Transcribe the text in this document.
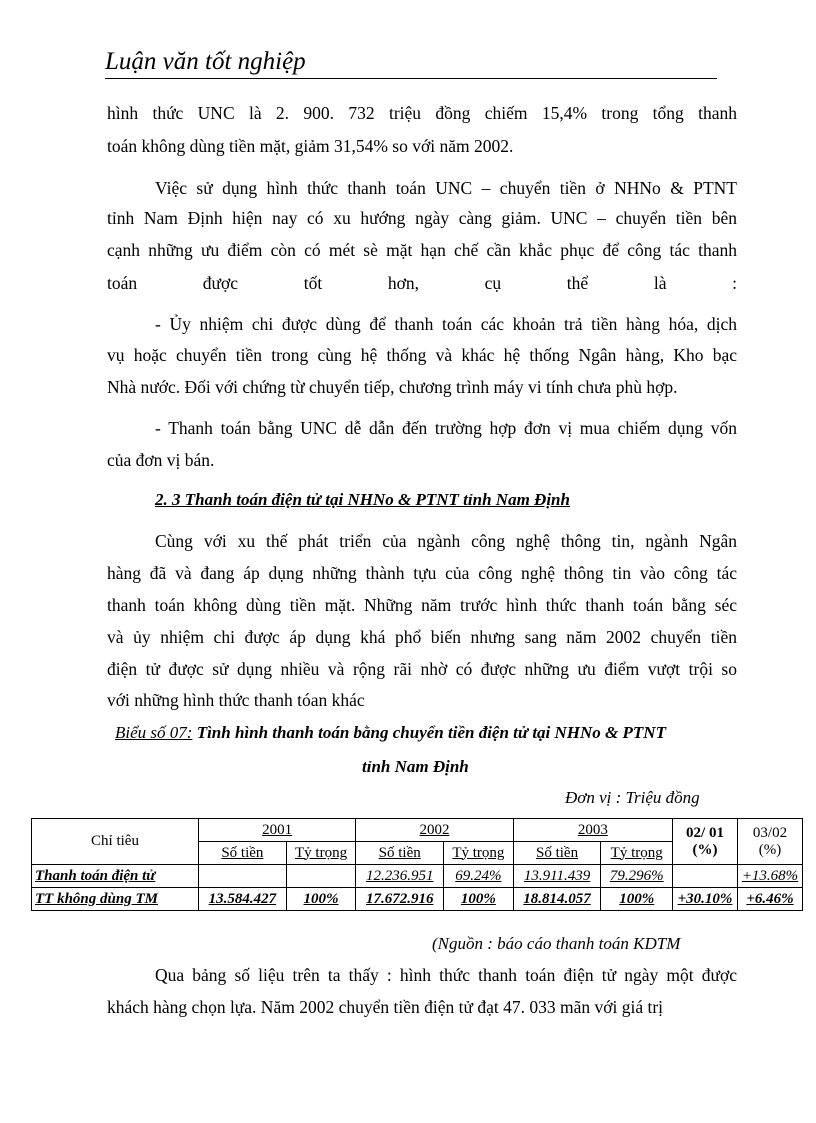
Luận văn tốt nghiệp
hình thức UNC là 2. 900. 732 triệu đồng chiếm 15,4% trong tổng thanh
toán không dùng tiền mặt, giảm 31,54% so với năm 2002.
Việc sử dụng hình thức thanh toán UNC – chuyển tiền ở NHNo & PTNT
tỉnh Nam Định hiện nay có xu hướng ngày càng giảm. UNC – chuyển tiền bên
cạnh những ưu điểm còn có mét sè mặt hạn chế cần khắc phục để công tác thanh
toán được tốt hơn, cụ thể là :
- Ủy nhiệm chi được dùng để thanh toán các khoản trả tiền hàng hóa, dịch
vụ hoặc chuyển tiền trong cùng hệ thống và khác hệ thống Ngân hàng, Kho bạc
Nhà nước. Đối với chứng từ chuyển tiếp, chương trình máy vi tính chưa phù hợp.
- Thanh toán bằng UNC dễ dẫn đến trường hợp đơn vị mua chiếm dụng vốn
của đơn vị bán.
2. 3 Thanh toán điện tử tại NHNo & PTNT tỉnh Nam Định
Cùng với xu thế phát triển của ngành công nghệ thông tin, ngành Ngân
hàng đã và đang áp dụng những thành tựu của công nghệ thông tin vào công tác
thanh toán không dùng tiền mặt. Những năm trước hình thức thanh toán bằng séc
và ủy nhiệm chi được áp dụng khá phổ biến nhưng sang năm 2002 chuyển tiền
điện tử được sử dụng nhiều và rộng rãi nhờ có được những ưu điểm vượt trội so
với những hình thức thanh tóan khác
Biểu số 07: Tình hình thanh toán bằng chuyển tiền điện tử tại NHNo & PTNT
tỉnh Nam Định
Đơn vị : Triệu đồng
Chỉ tiêu	2001		2002		2003		02/ 01 (%)	03/02 (%)
	Số tiền	Tỷ trọng	Số tiền	Tỷ trọng	Số tiền	Tỷ trọng		
Thanh toán điện tử			12.236.951	69.24%	13.911.439	79.296%		+13.68%
TT không dùng TM	13.584.427	100%	17.672.916	100%	18.814.057	100%	+30.10%	+6.46%
(Nguồn : báo cáo thanh toán KDTM
Qua bảng số liệu trên ta thấy : hình thức thanh toán điện tử ngày một được
khách hàng chọn lựa. Năm 2002 chuyển tiền điện tử đạt 47. 033 mãn với giá trị
